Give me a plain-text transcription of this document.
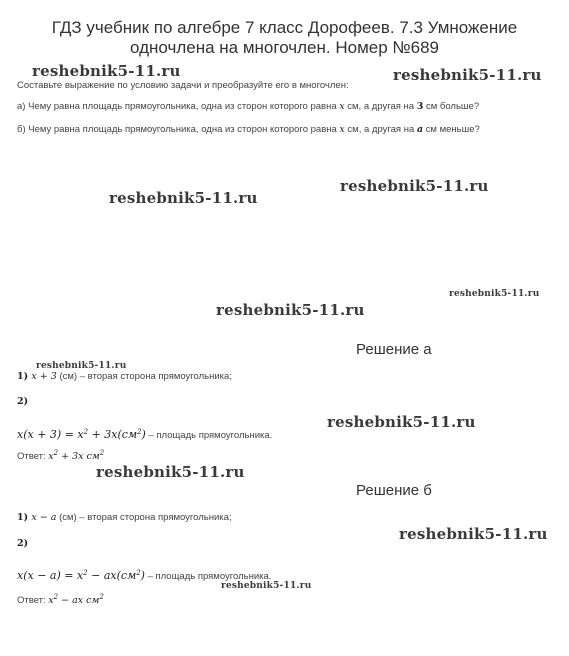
ГДЗ учебник по алгебре 7 класс Дорофеев. 7.3 Умножение
одночлена на многочлен. Номер №689
reshebnik5-11.ru	reshebnik5-11.ru
reshebnik5-11.ru
reshebnik5-11.ru
reshebnik5-11.ru
reshebnik5-11.ru
reshebnik5-11.ru
reshebnik5-11.ru
reshebnik5-11.ru
reshebnik5-11.ru
reshebnik5-11.ru
Составьте выражение по условию задачи и преобразуйте его в многочлен:
а) Чему равна площадь прямоугольника, одна из сторон которого равна x см, а другая на 3 см больше?
б) Чему равна площадь прямоугольника, одна из сторон которого равна x см, а другая на a см меньше?
Решение а
1) x + 3 (см) – вторая сторона прямоугольника;
2)
$x(x + 3) = x^2 + 3x(см^2)$ – площадь прямоугольника.
Ответ: $x^2 + 3x$ $см^2$
Решение б
1) x − a (см) – вторая сторона прямоугольника;
2)
$x(x - a) = x^2 - ax(см^2)$ – площадь прямоугольника.
Ответ: $x^2$ − ax $см^2$
